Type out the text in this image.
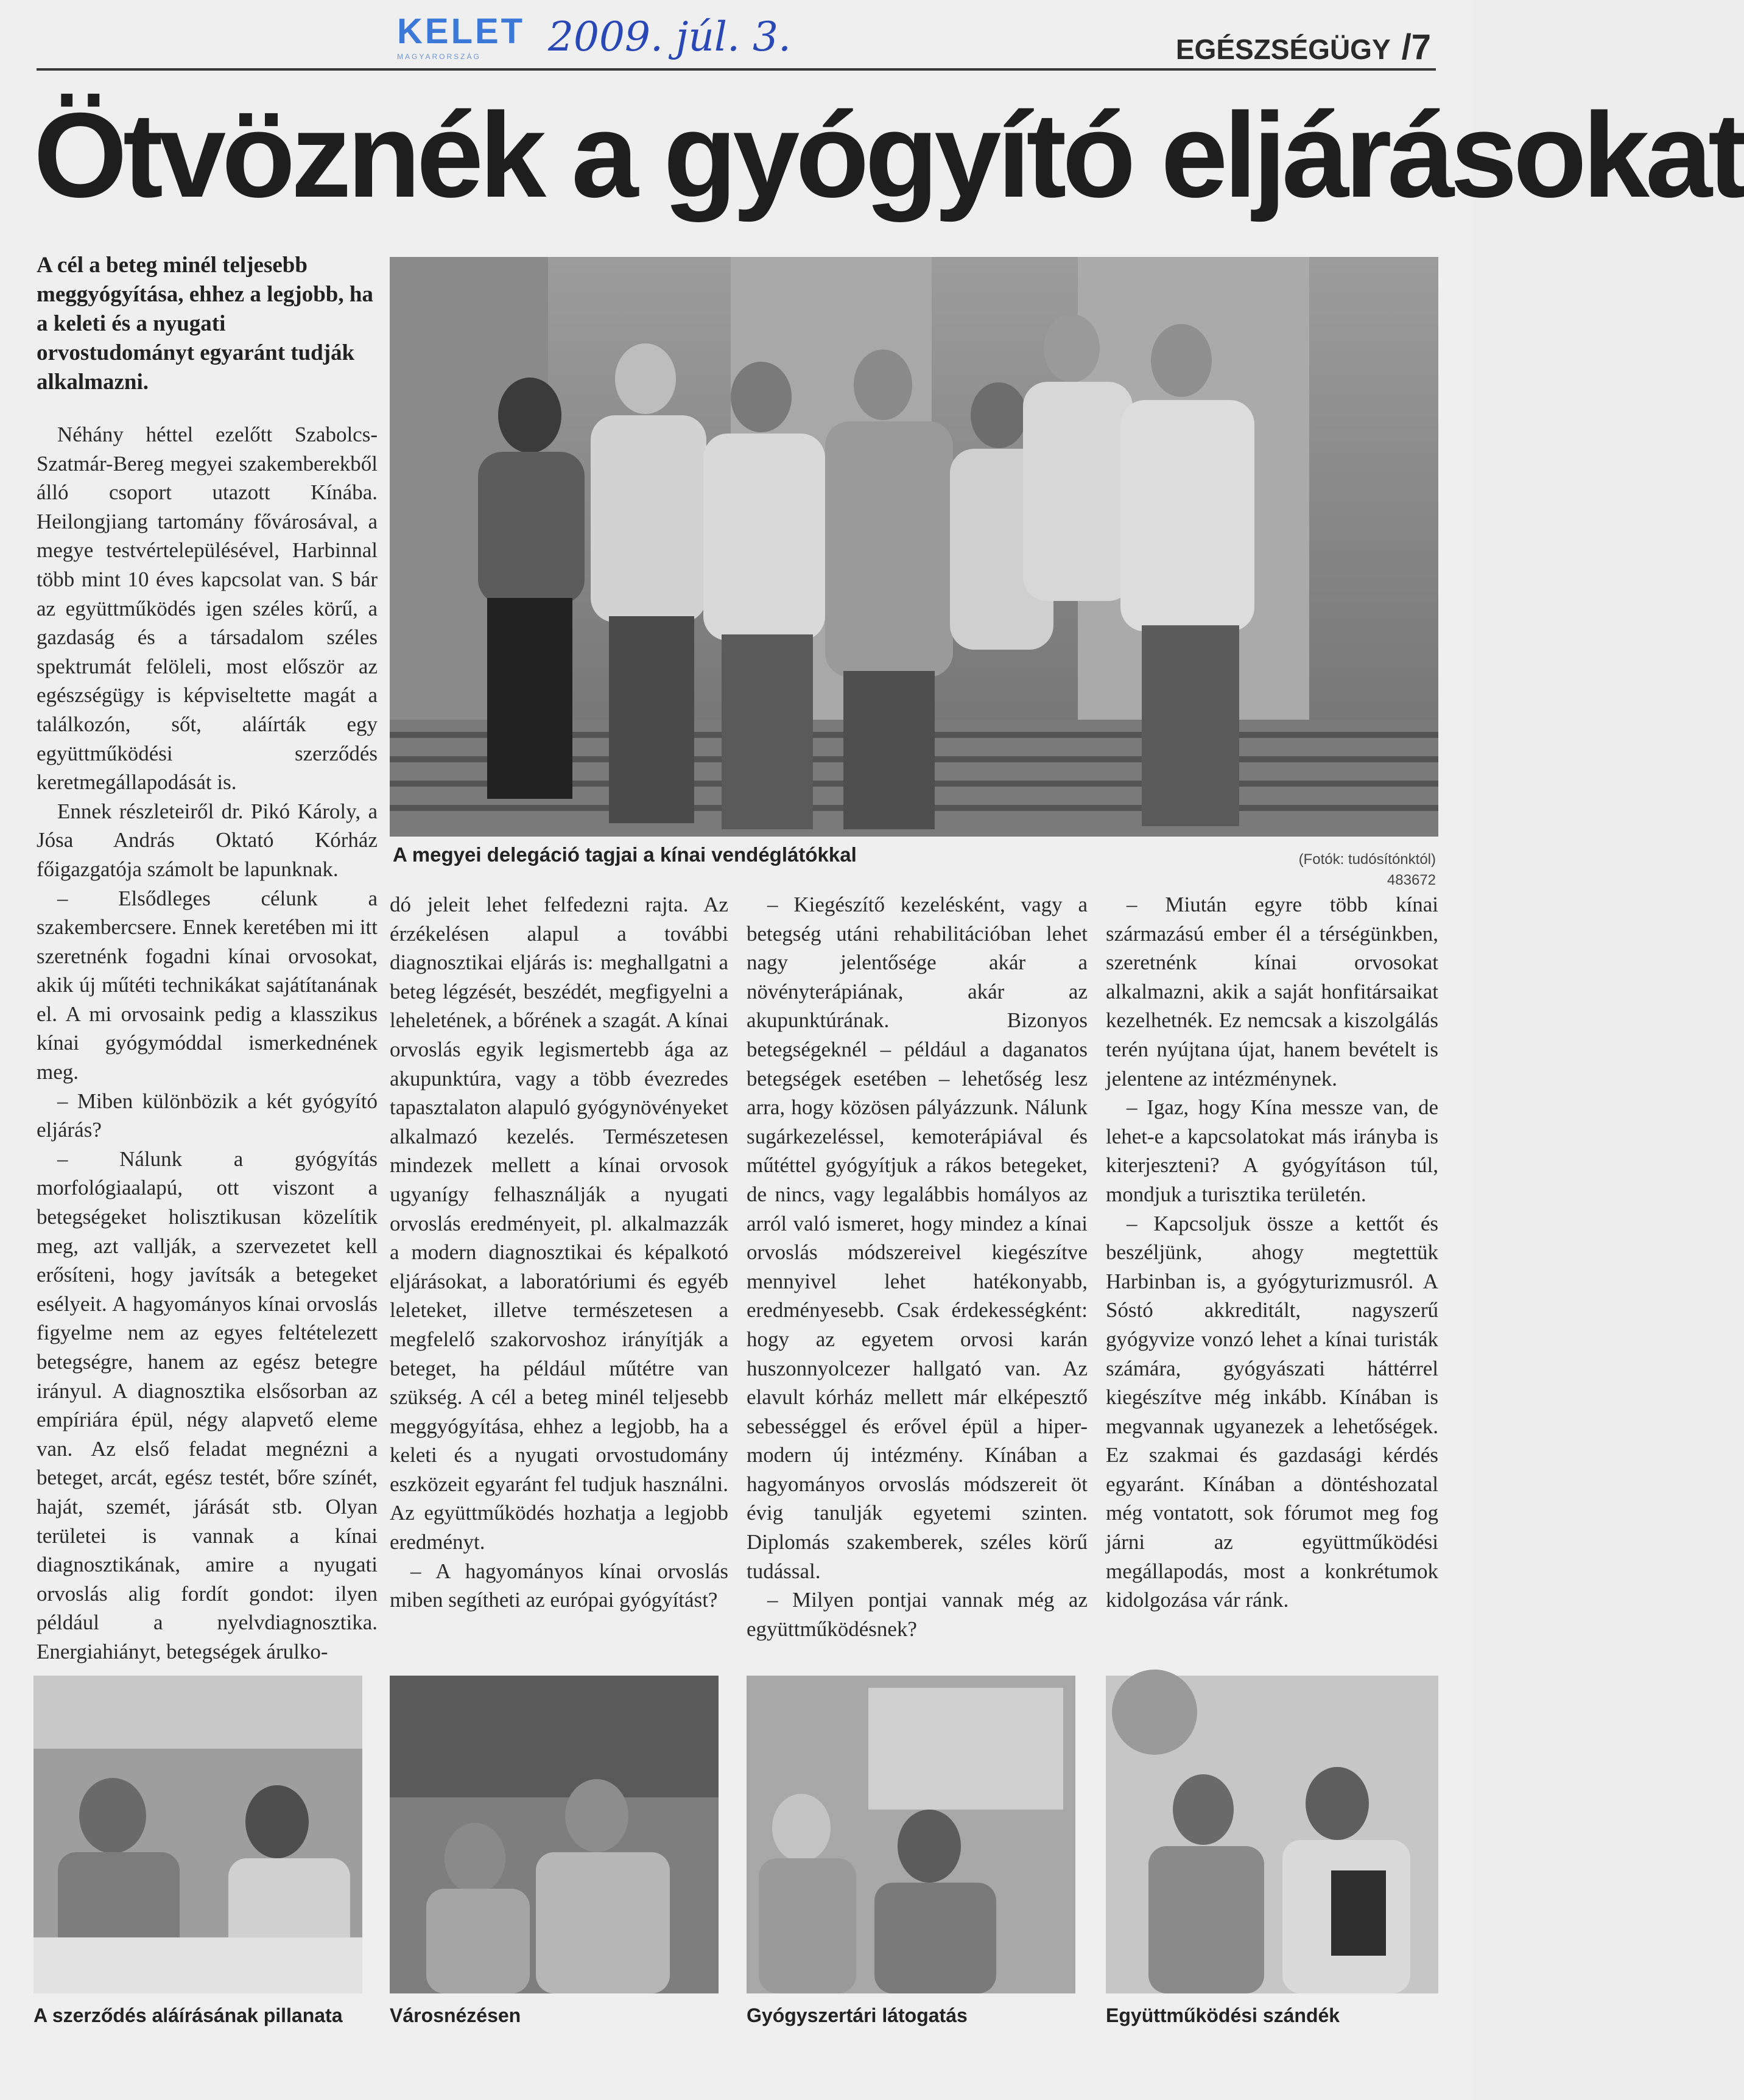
KELET
MAGYARORSZÁG 2009. júl. 3.	EGÉSZSÉGÜGY /7
Ötvöznék a gyógyító eljárásokat
A cél a beteg minél teljesebb meggyógyítása, ehhez a legjobb, ha a keleti és a nyugati orvostudományt egyaránt tudják alkalmazni.

Néhány héttel ezelőtt Szabolcs-Szatmár-Bereg megyei szakemberekből álló csoport utazott Kínába. Heilongjiang tartomány fővárosával, a megye testvértelepülésével, Harbinnal több mint 10 éves kapcsolat van. S bár az együttműködés igen széles körű, a gazdaság és a társadalom széles spektrumát felöleli, most először az egészségügy is képviseltette magát a találkozón, sőt, aláírták egy együttműködési szerződés keretmegállapodását is.

Ennek részleteiről dr. Pikó Károly, a Jósa András Oktató Kórház főigazgatója számolt be lapunknak.

– Elsődleges célunk a szakembercsere. Ennek keretében mi itt szeretnénk fogadni kínai orvosokat, akik új műtéti technikákat sajátítanának el. A mi orvosaink pedig a klasszikus kínai gyógymóddal ismerkednének meg.

– Miben különbözik a két gyógyító eljárás?

– Nálunk a gyógyítás morfológiaalapú, ott viszont a betegségeket holisztikusan közelítik meg, azt vallják, a szervezetet kell erősíteni, hogy javítsák a betegeket esélyeit. A hagyományos kínai orvoslás figyelme nem az egyes feltételezett betegségre, hanem az egész betegre irányul. A diagnosztika elsősorban az empíriára épül, négy alapvető eleme van. Az első feladat megnézni a beteget, arcát, egész testét, bőre színét, haját, szemét, járását stb. Olyan területei is vannak a kínai diagnosztikának, amire a nyugati orvoslás alig fordít gondot: ilyen például a nyelvdiagnosztika. Energiahiányt, betegségek árulko-

A megyei delegáció tagjai a kínai vendéglátókkal	(Fotók: tudósítónktól)
483672

dó jeleit lehet felfedezni rajta. Az érzékelésen alapul a további diagnosztikai eljárás is: meghallgatni a beteg légzését, beszédét, megfigyelni a leheletének, a bőrének a szagát. A kínai orvoslás egyik legismertebb ága az akupunktúra, vagy a több évezredes tapasztalaton alapuló gyógynövényeket alkalmazó kezelés. Természetesen mindezek mellett a kínai orvosok ugyanígy felhasználják a nyugati orvoslás eredményeit, pl. alkalmazzák a modern diagnosztikai és képalkotó eljárásokat, a laboratóriumi és egyéb leleteket, illetve természetesen a megfelelő szakorvoshoz irányítják a beteget, ha például műtétre van szükség. A cél a beteg minél teljesebb meggyógyítása, ehhez a legjobb, ha a keleti és a nyugati orvostudomány eszközeit egyaránt fel tudjuk használni. Az együttműködés hozhatja a legjobb eredményt.

– A hagyományos kínai orvoslás miben segítheti az európai gyógyítást?

– Kiegészítő kezelésként, vagy a betegség utáni rehabilitációban lehet nagy jelentősége akár a növényterápiának, akár az akupunktúrának. Bizonyos betegségeknél – például a daganatos betegségek esetében – lehetőség lesz arra, hogy közösen pályázzunk. Nálunk sugárkezeléssel, kemoterápiával és műtéttel gyógyítjuk a rákos betegeket, de nincs, vagy legalábbis homályos az arról való ismeret, hogy mindez a kínai orvoslás módszereivel kiegészítve mennyivel lehet hatékonyabb, eredményesebb. Csak érdekességként: hogy az egyetem orvosi karán huszonnyolcezer hallgató van. Az elavult kórház mellett már elképesztő sebességgel és erővel épül a hiper-modern új intézmény. Kínában a hagyományos orvoslás módszereit öt évig tanulják egyetemi szinten. Diplomás szakemberek, széles körű tudással.

– Milyen pontjai vannak még az együttműködésnek?

– Miután egyre több kínai származású ember él a térségünkben, szeretnénk kínai orvosokat alkalmazni, akik a saját honfitársaikat kezelhetnék. Ez nemcsak a kiszolgálás terén nyújtana újat, hanem bevételt is jelentene az intézménynek.

– Igaz, hogy Kína messze van, de lehet-e a kapcsolatokat más irányba is kiterjeszteni? A gyógyításon túl, mondjuk a turisztika területén.

– Kapcsoljuk össze a kettőt és beszéljünk, ahogy megtettük Harbinban is, a gyógyturizmusról. A Sóstó akkreditált, nagyszerű gyógyvize vonzó lehet a kínai turisták számára, gyógyászati háttérrel kiegészítve még inkább. Kínában is megvannak ugyanezek a lehetőségek. Ez szakmai és gazdasági kérdés egyaránt. Kínában a döntéshozatal még vontatott, sok fórumot meg fog járni az együttműködési megállapodás, most a konkrétumok kidolgozása vár ránk.

A szerződés aláírásának pillanata Városnézésen	Gyógyszertári látogatás	Együttműködési szándék
